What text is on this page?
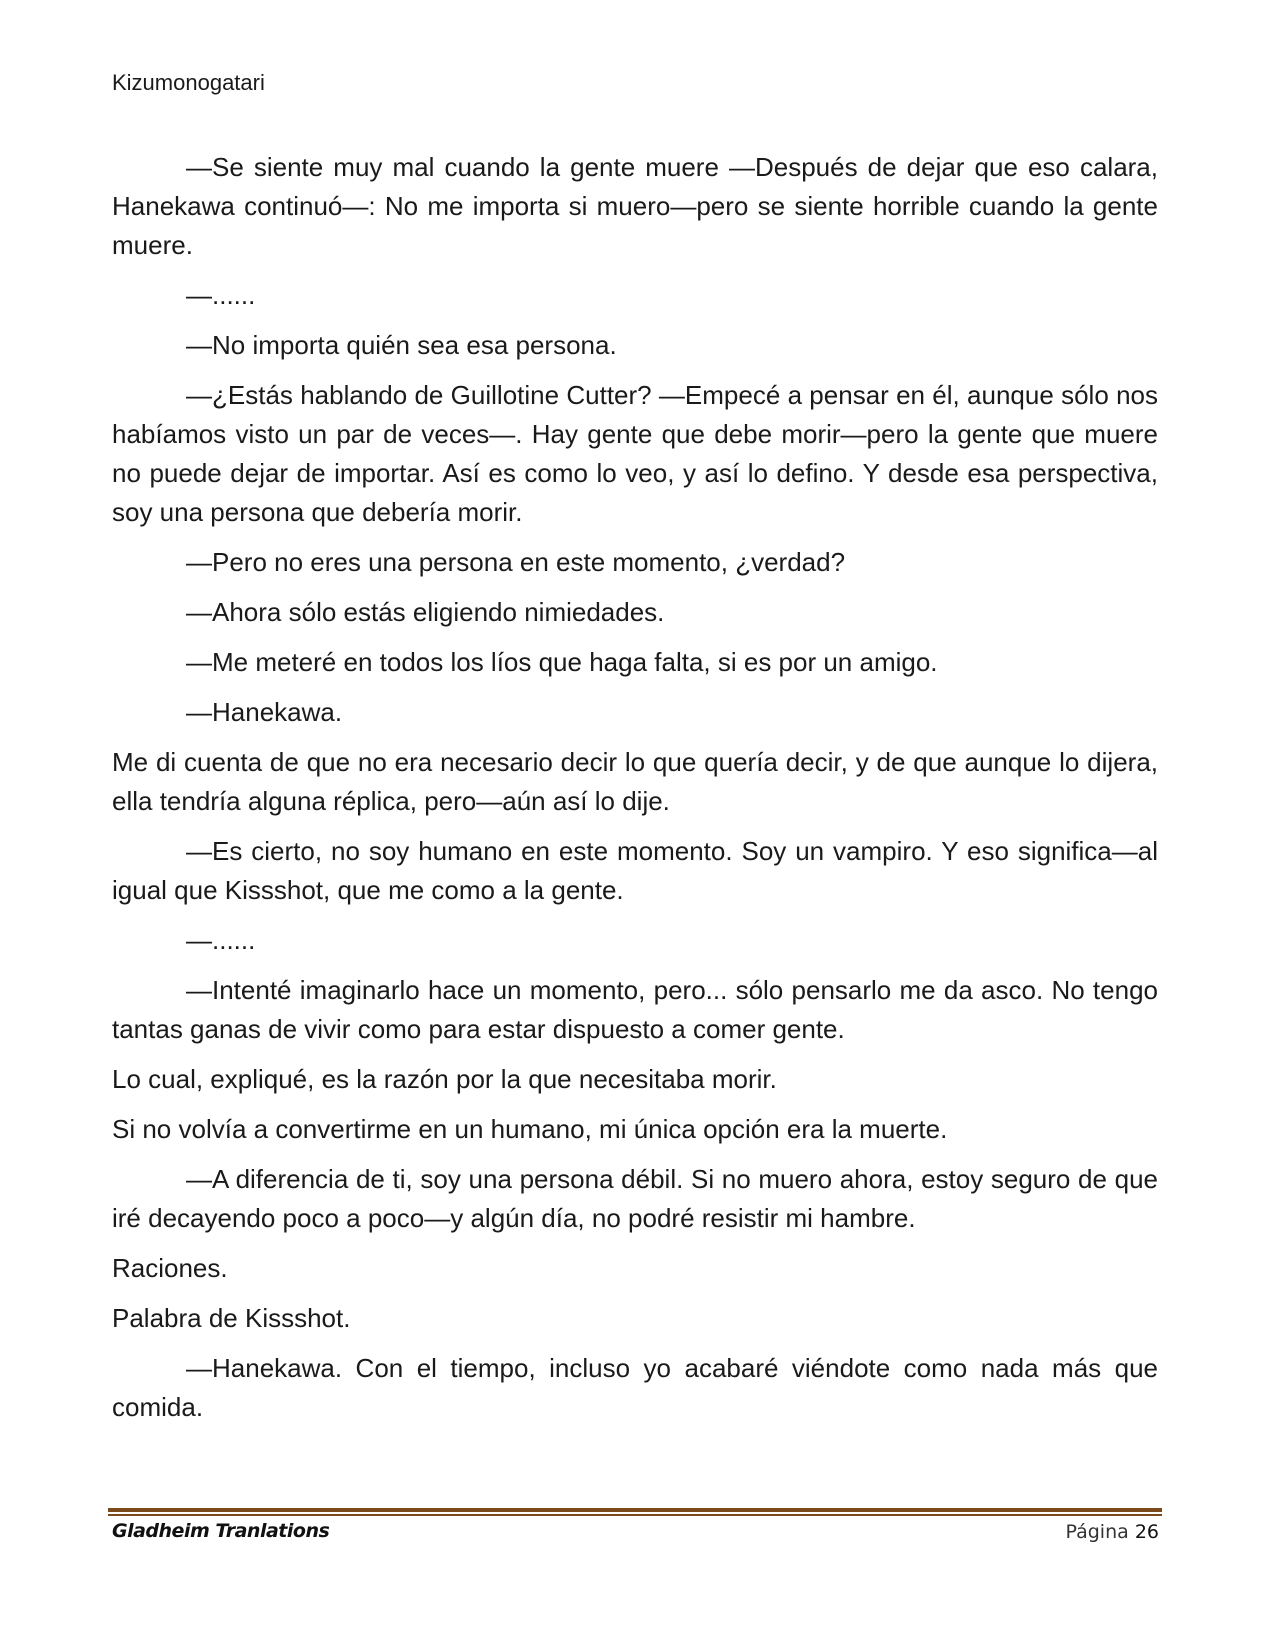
Kizumonogatari

—Se siente muy mal cuando la gente muere —Después de dejar que eso calara, Hanekawa continuó—: No me importa si muero—pero se siente horrible cuando la gente muere.

—......

—No importa quién sea esa persona.

—¿Estás hablando de Guillotine Cutter? —Empecé a pensar en él, aunque sólo nos habíamos visto un par de veces—. Hay gente que debe morir—pero la gente que muere no puede dejar de importar. Así es como lo veo, y así lo defino. Y desde esa perspectiva, soy una persona que debería morir.

—Pero no eres una persona en este momento, ¿verdad?

—Ahora sólo estás eligiendo nimiedades.

—Me meteré en todos los líos que haga falta, si es por un amigo.

—Hanekawa.

Me di cuenta de que no era necesario decir lo que quería decir, y de que aunque lo dijera, ella tendría alguna réplica, pero—aún así lo dije.

—Es cierto, no soy humano en este momento. Soy un vampiro. Y eso significa—al igual que Kissshot, que me como a la gente.

—......

—Intenté imaginarlo hace un momento, pero... sólo pensarlo me da asco. No tengo tantas ganas de vivir como para estar dispuesto a comer gente.

Lo cual, expliqué, es la razón por la que necesitaba morir.

Si no volvía a convertirme en un humano, mi única opción era la muerte.

—A diferencia de ti, soy una persona débil. Si no muero ahora, estoy seguro de que iré decayendo poco a poco—y algún día, no podré resistir mi hambre.

Raciones.

Palabra de Kissshot.

—Hanekawa. Con el tiempo, incluso yo acabaré viéndote como nada más que comida.

Gladheim Tranlations	Página 26
